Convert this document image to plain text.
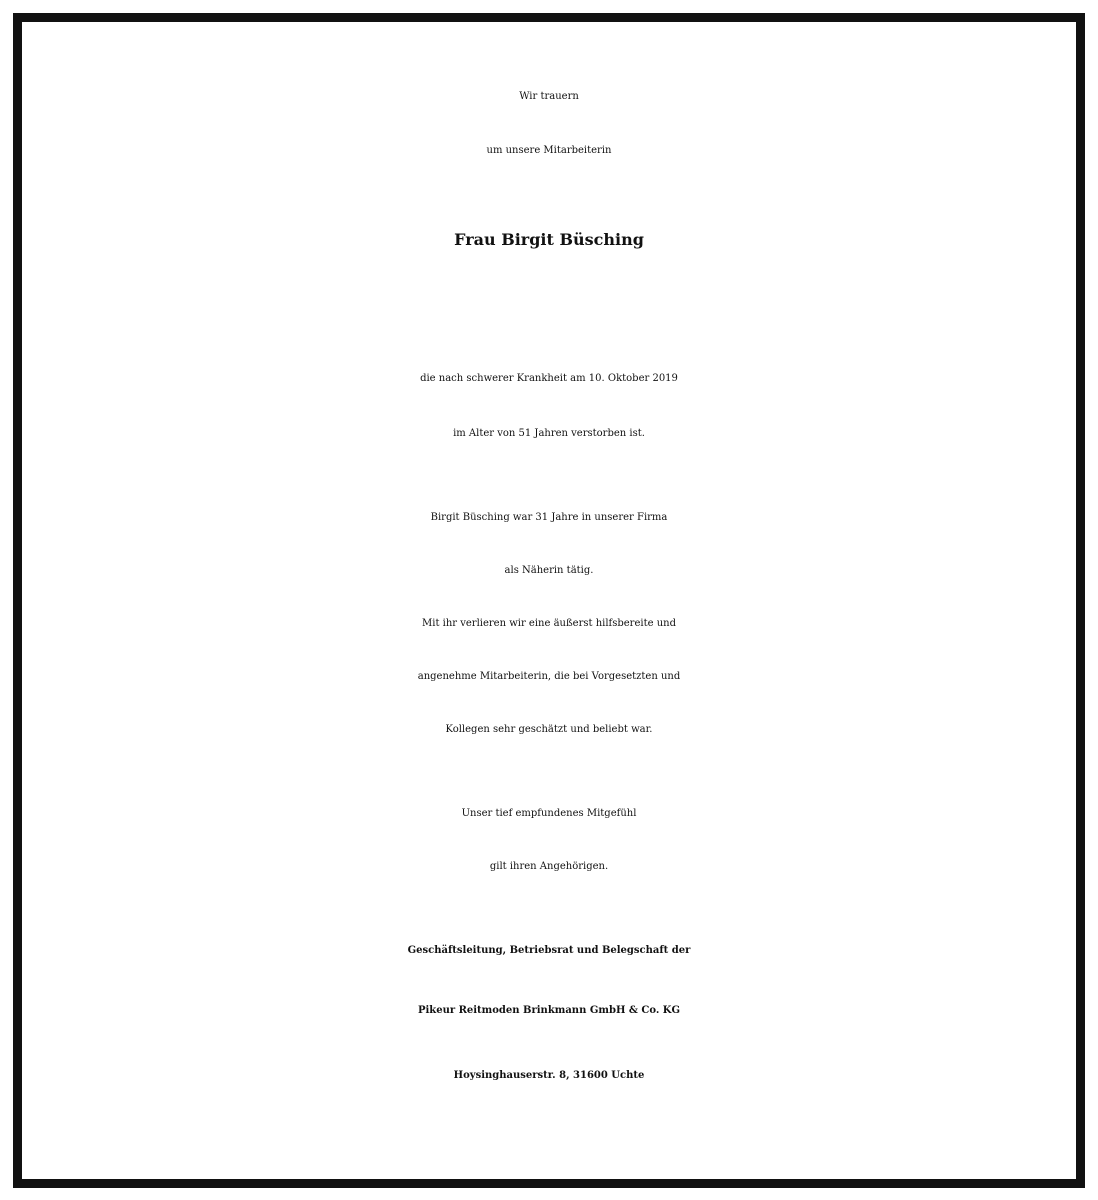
Wir trauern
um unsere Mitarbeiterin
Frau Birgit Büsching
die nach schwerer Krankheit am 10. Oktober 2019
im Alter von 51 Jahren verstorben ist.
Birgit Büsching war 31 Jahre in unserer Firma
als Näherin tätig.
Mit ihr verlieren wir eine äußerst hilfsbereite und
angenehme Mitarbeiterin, die bei Vorgesetzten und
Kollegen sehr geschätzt und beliebt war.
Unser tief empfundenes Mitgefühl
gilt ihren Angehörigen.
Geschäftsleitung, Betriebsrat und Belegschaft der
Pikeur Reitmoden Brinkmann GmbH & Co. KG
Hoysinghauserstr. 8, 31600 Uchte
